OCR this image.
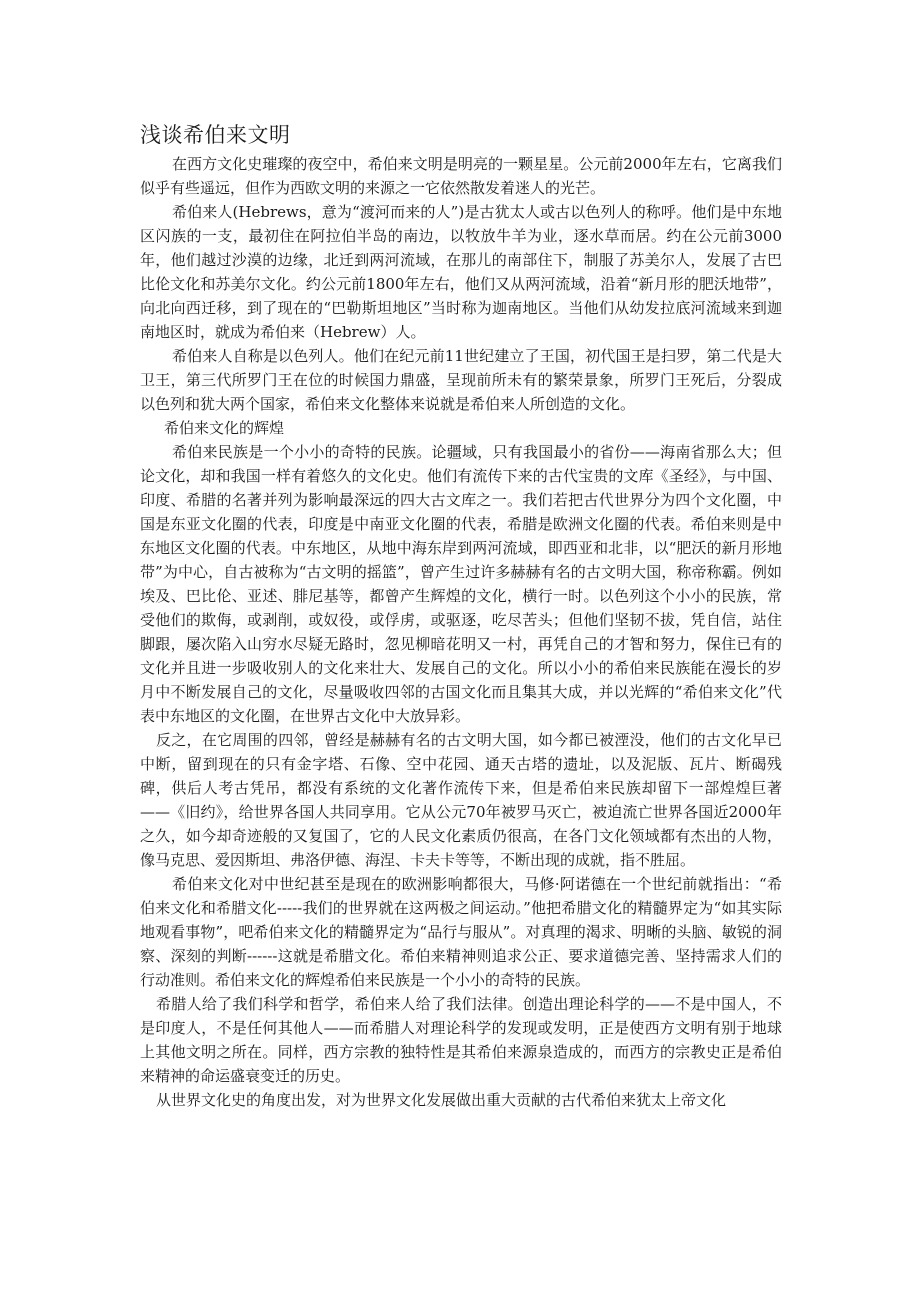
浅谈希伯来文明

在西方文化史璀璨的夜空中，希伯来文明是明亮的一颗星星。公元前2000年左右，它离我们似乎有些遥远，但作为西欧文明的来源之一它依然散发着迷人的光芒。

希伯来人(Hebrews，意为“渡河而来的人”)是古犹太人或古以色列人的称呼。他们是中东地区闪族的一支，最初住在阿拉伯半岛的南边，以牧放牛羊为业，逐水草而居。约在公元前3000年，他们越过沙漠的边缘，北迁到两河流域，在那儿的南部住下，制服了苏美尔人，发展了古巴比伦文化和苏美尔文化。约公元前1800年左右，他们又从两河流域，沿着“新月形的肥沃地带”，向北向西迁移，到了现在的“巴勒斯坦地区”当时称为迦南地区。当他们从幼发拉底河流域来到迦南地区时，就成为希伯来（Hebrew）人。

希伯来人自称是以色列人。他们在纪元前11世纪建立了王国，初代国王是扫罗，第二代是大卫王，第三代所罗门王在位的时候国力鼎盛，呈现前所未有的繁荣景象，所罗门王死后，分裂成以色列和犹大两个国家，希伯来文化整体来说就是希伯来人所创造的文化。

希伯来文化的辉煌

希伯来民族是一个小小的奇特的民族。论疆域，只有我国最小的省份——海南省那么大；但论文化，却和我国一样有着悠久的文化史。他们有流传下来的古代宝贵的文库《圣经》，与中国、印度、希腊的名著并列为影响最深远的四大古文库之一。我们若把古代世界分为四个文化圈，中国是东亚文化圈的代表，印度是中南亚文化圈的代表，希腊是欧洲文化圈的代表。希伯来则是中东地区文化圈的代表。中东地区，从地中海东岸到两河流域，即西亚和北非，以“肥沃的新月形地带”为中心，自古被称为“古文明的摇篮”，曾产生过许多赫赫有名的古文明大国，称帝称霸。例如埃及、巴比伦、亚述、腓尼基等，都曾产生辉煌的文化，横行一时。以色列这个小小的民族，常受他们的欺侮，或剥削，或奴役，或俘虏，或驱逐，吃尽苦头；但他们坚韧不拔，凭自信，站住脚跟，屡次陷入山穷水尽疑无路时，忽见柳暗花明又一村，再凭自己的才智和努力，保住已有的文化并且进一步吸收别人的文化来壮大、发展自己的文化。所以小小的希伯来民族能在漫长的岁月中不断发展自己的文化，尽量吸收四邻的古国文化而且集其大成，并以光辉的“希伯来文化”代表中东地区的文化圈，在世界古文化中大放异彩。

反之，在它周围的四邻，曾经是赫赫有名的古文明大国，如今都已被湮没，他们的古文化早已中断，留到现在的只有金字塔、石像、空中花园、通天古塔的遗址，以及泥版、瓦片、断碣残碑，供后人考古凭吊，都没有系统的文化著作流传下来，但是希伯来民族却留下一部煌煌巨著——《旧约》，给世界各国人共同享用。它从公元70年被罗马灭亡，被迫流亡世界各国近2000年之久，如今却奇迹般的又复国了，它的人民文化素质仍很高，在各门文化领域都有杰出的人物，像马克思、爱因斯坦、弗洛伊德、海涅、卡夫卡等等，不断出现的成就，指不胜屈。

希伯来文化对中世纪甚至是现在的欧洲影响都很大，马修·阿诺德在一个世纪前就指出：“希伯来文化和希腊文化-----我们的世界就在这两极之间运动。”他把希腊文化的精髓界定为“如其实际地观看事物”，吧希伯来文化的精髓界定为“品行与服从”。对真理的渴求、明晰的头脑、敏锐的洞察、深刻的判断------这就是希腊文化。希伯来精神则追求公正、要求道德完善、坚持需求人们的行动准则。希伯来文化的辉煌希伯来民族是一个小小的奇特的民族。

希腊人给了我们科学和哲学，希伯来人给了我们法律。创造出理论科学的——不是中国人，不是印度人，不是任何其他人——而希腊人对理论科学的发现或发明，正是使西方文明有别于地球上其他文明之所在。同样，西方宗教的独特性是其希伯来源泉造成的，而西方的宗教史正是希伯来精神的命运盛衰变迁的历史。

从世界文化史的角度出发，对为世界文化发展做出重大贡献的古代希伯来犹太上帝文化
